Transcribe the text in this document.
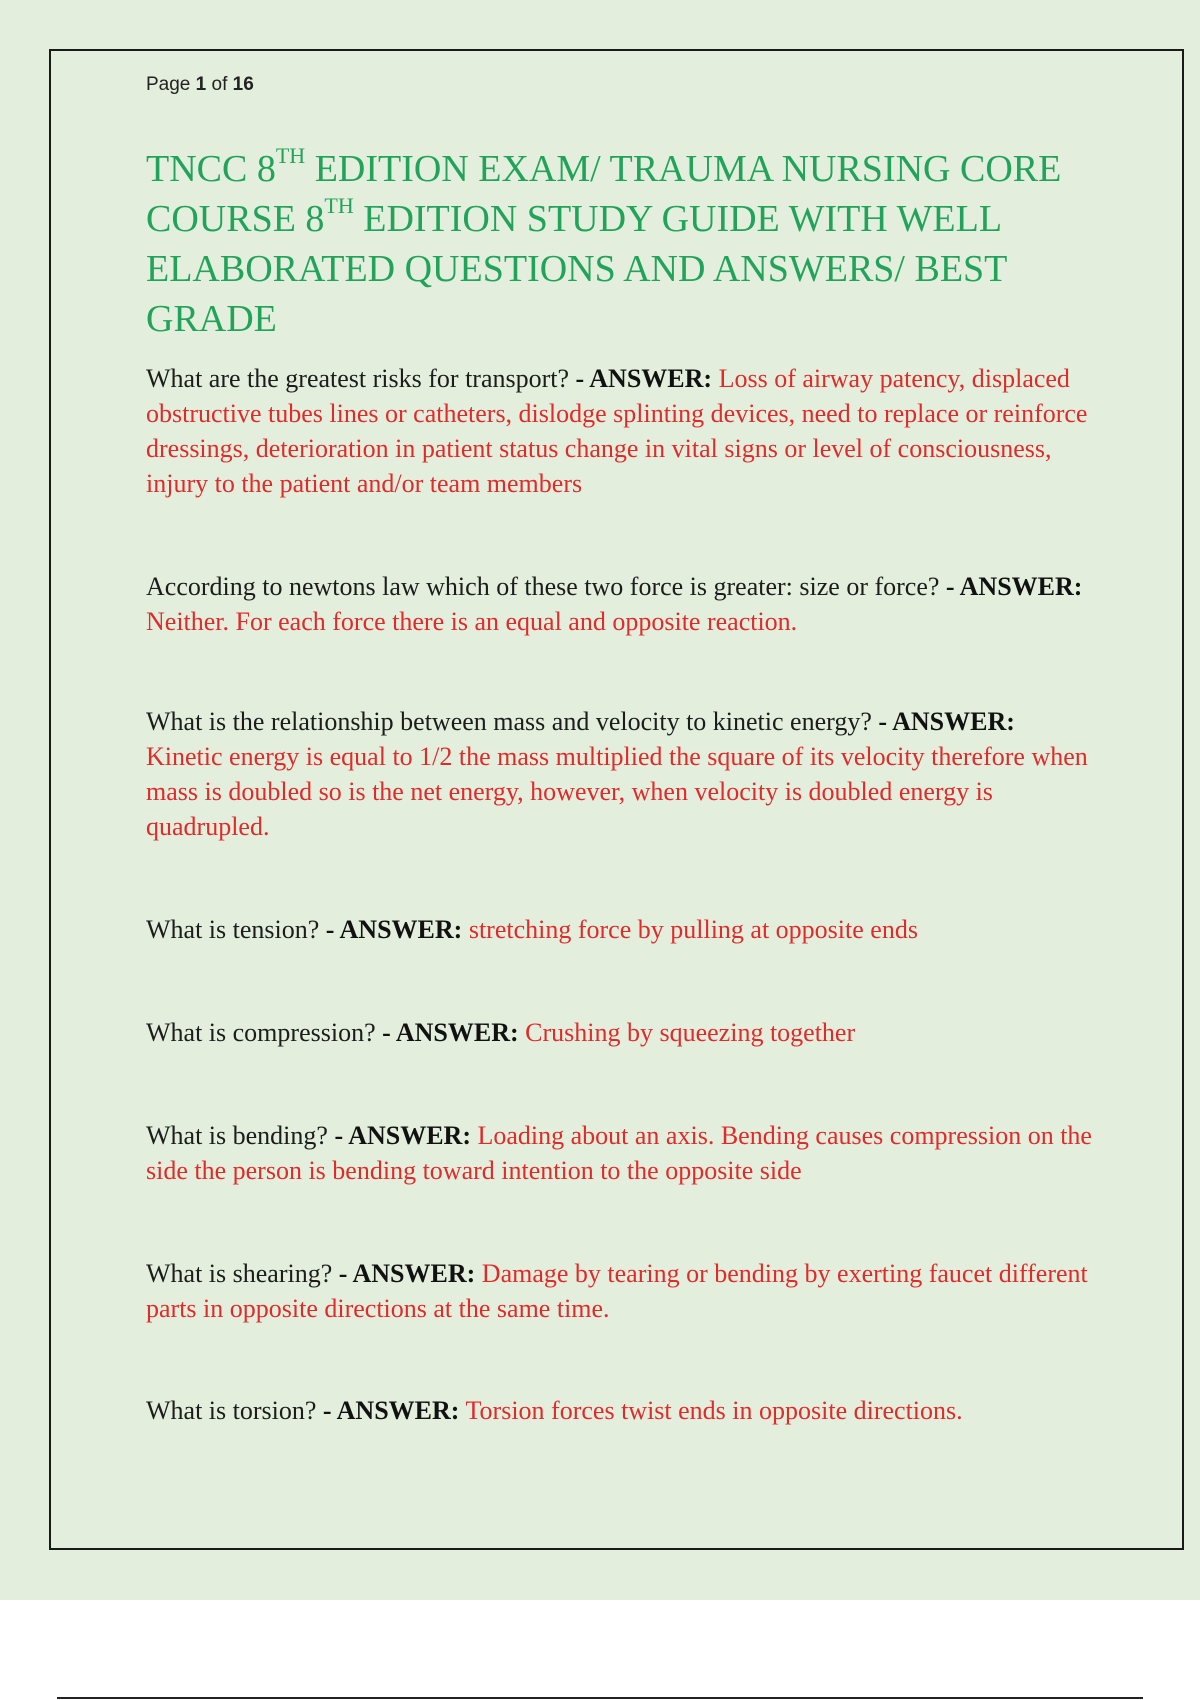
Page 1 of 16
TNCC 8TH EDITION EXAM/ TRAUMA NURSING CORE COURSE 8TH EDITION STUDY GUIDE WITH WELL ELABORATED QUESTIONS AND ANSWERS/ BEST GRADE

What are the greatest risks for transport? - ANSWER: Loss of airway patency, displaced obstructive tubes lines or catheters, dislodge splinting devices, need to replace or reinforce dressings, deterioration in patient status change in vital signs or level of consciousness, injury to the patient and/or team members

According to newtons law which of these two force is greater: size or force? - ANSWER: Neither. For each force there is an equal and opposite reaction.

What is the relationship between mass and velocity to kinetic energy? - ANSWER: Kinetic energy is equal to 1/2 the mass multiplied the square of its velocity therefore when mass is doubled so is the net energy, however, when velocity is doubled energy is quadrupled.

What is tension? - ANSWER: stretching force by pulling at opposite ends

What is compression? - ANSWER: Crushing by squeezing together

What is bending? - ANSWER: Loading about an axis. Bending causes compression on the side the person is bending toward intention to the opposite side

What is shearing? - ANSWER: Damage by tearing or bending by exerting faucet different parts in opposite directions at the same time.

What is torsion? - ANSWER: Torsion forces twist ends in opposite directions.
